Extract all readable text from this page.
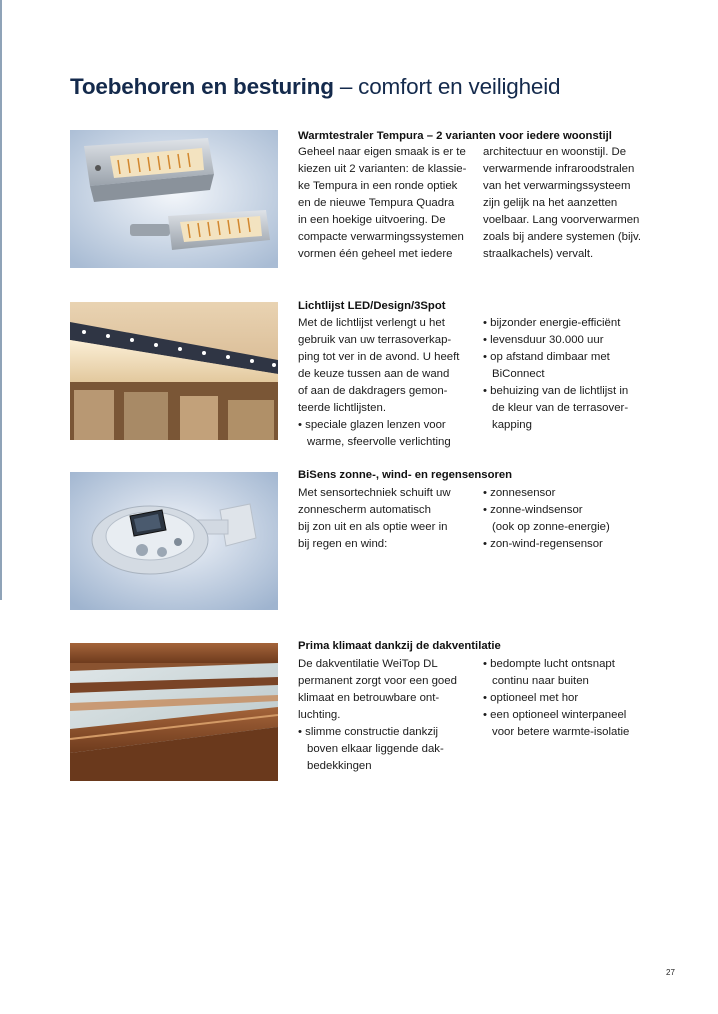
Toebehoren en besturing – comfort en veiligheid
Warmtestraler Tempura – 2 varianten voor iedere woonstijl
Geheel naar eigen smaak is er te
kiezen uit 2 varianten: de klassie-
ke Tempura in een ronde optiek
en de nieuwe Tempura Quadra
in een hoekige uitvoering. De
compacte verwarmingssystemen
vormen één geheel met iedere
architectuur en woonstijl. De
verwarmende infraroodstralen
van het verwarmingssysteem
zijn gelijk na het aanzetten
voelbaar. Lang voorverwarmen
zoals bij andere systemen (bijv.
straalkachels) vervalt.
Lichtlijst LED/Design/3Spot
Met de lichtlijst verlengt u het
gebruik van uw terrasoverkap-
ping tot ver in de avond. U heeft
de keuze tussen aan de wand
of aan de dakdragers gemon-
teerde lichtlijsten.
• speciale glazen lenzen voor
warme, sfeervolle verlichting
• bijzonder energie-efficiënt
• levensduur 30.000 uur
• op afstand dimbaar met
BiConnect
• behuizing van de lichtlijst in
de kleur van de terrasover-
kapping
BiSens zonne-, wind- en regensensoren
Met sensortechniek schuift uw
zonnescherm automatisch
bij zon uit en als optie weer in
bij regen en wind:
• zonnesensor
• zonne-windsensor
(ook op zonne-energie)
• zon-wind-regensensor
Prima klimaat dankzij de dakventilatie
De dakventilatie WeiTop DL
permanent zorgt voor een goed
klimaat en betrouwbare ont-
luchting.
• slimme constructie dankzij
boven elkaar liggende dak-
bedekkingen
• bedompte lucht ontsnapt
continu naar buiten
• optioneel met hor
• een optioneel winterpaneel
voor betere warmte-isolatie
27
